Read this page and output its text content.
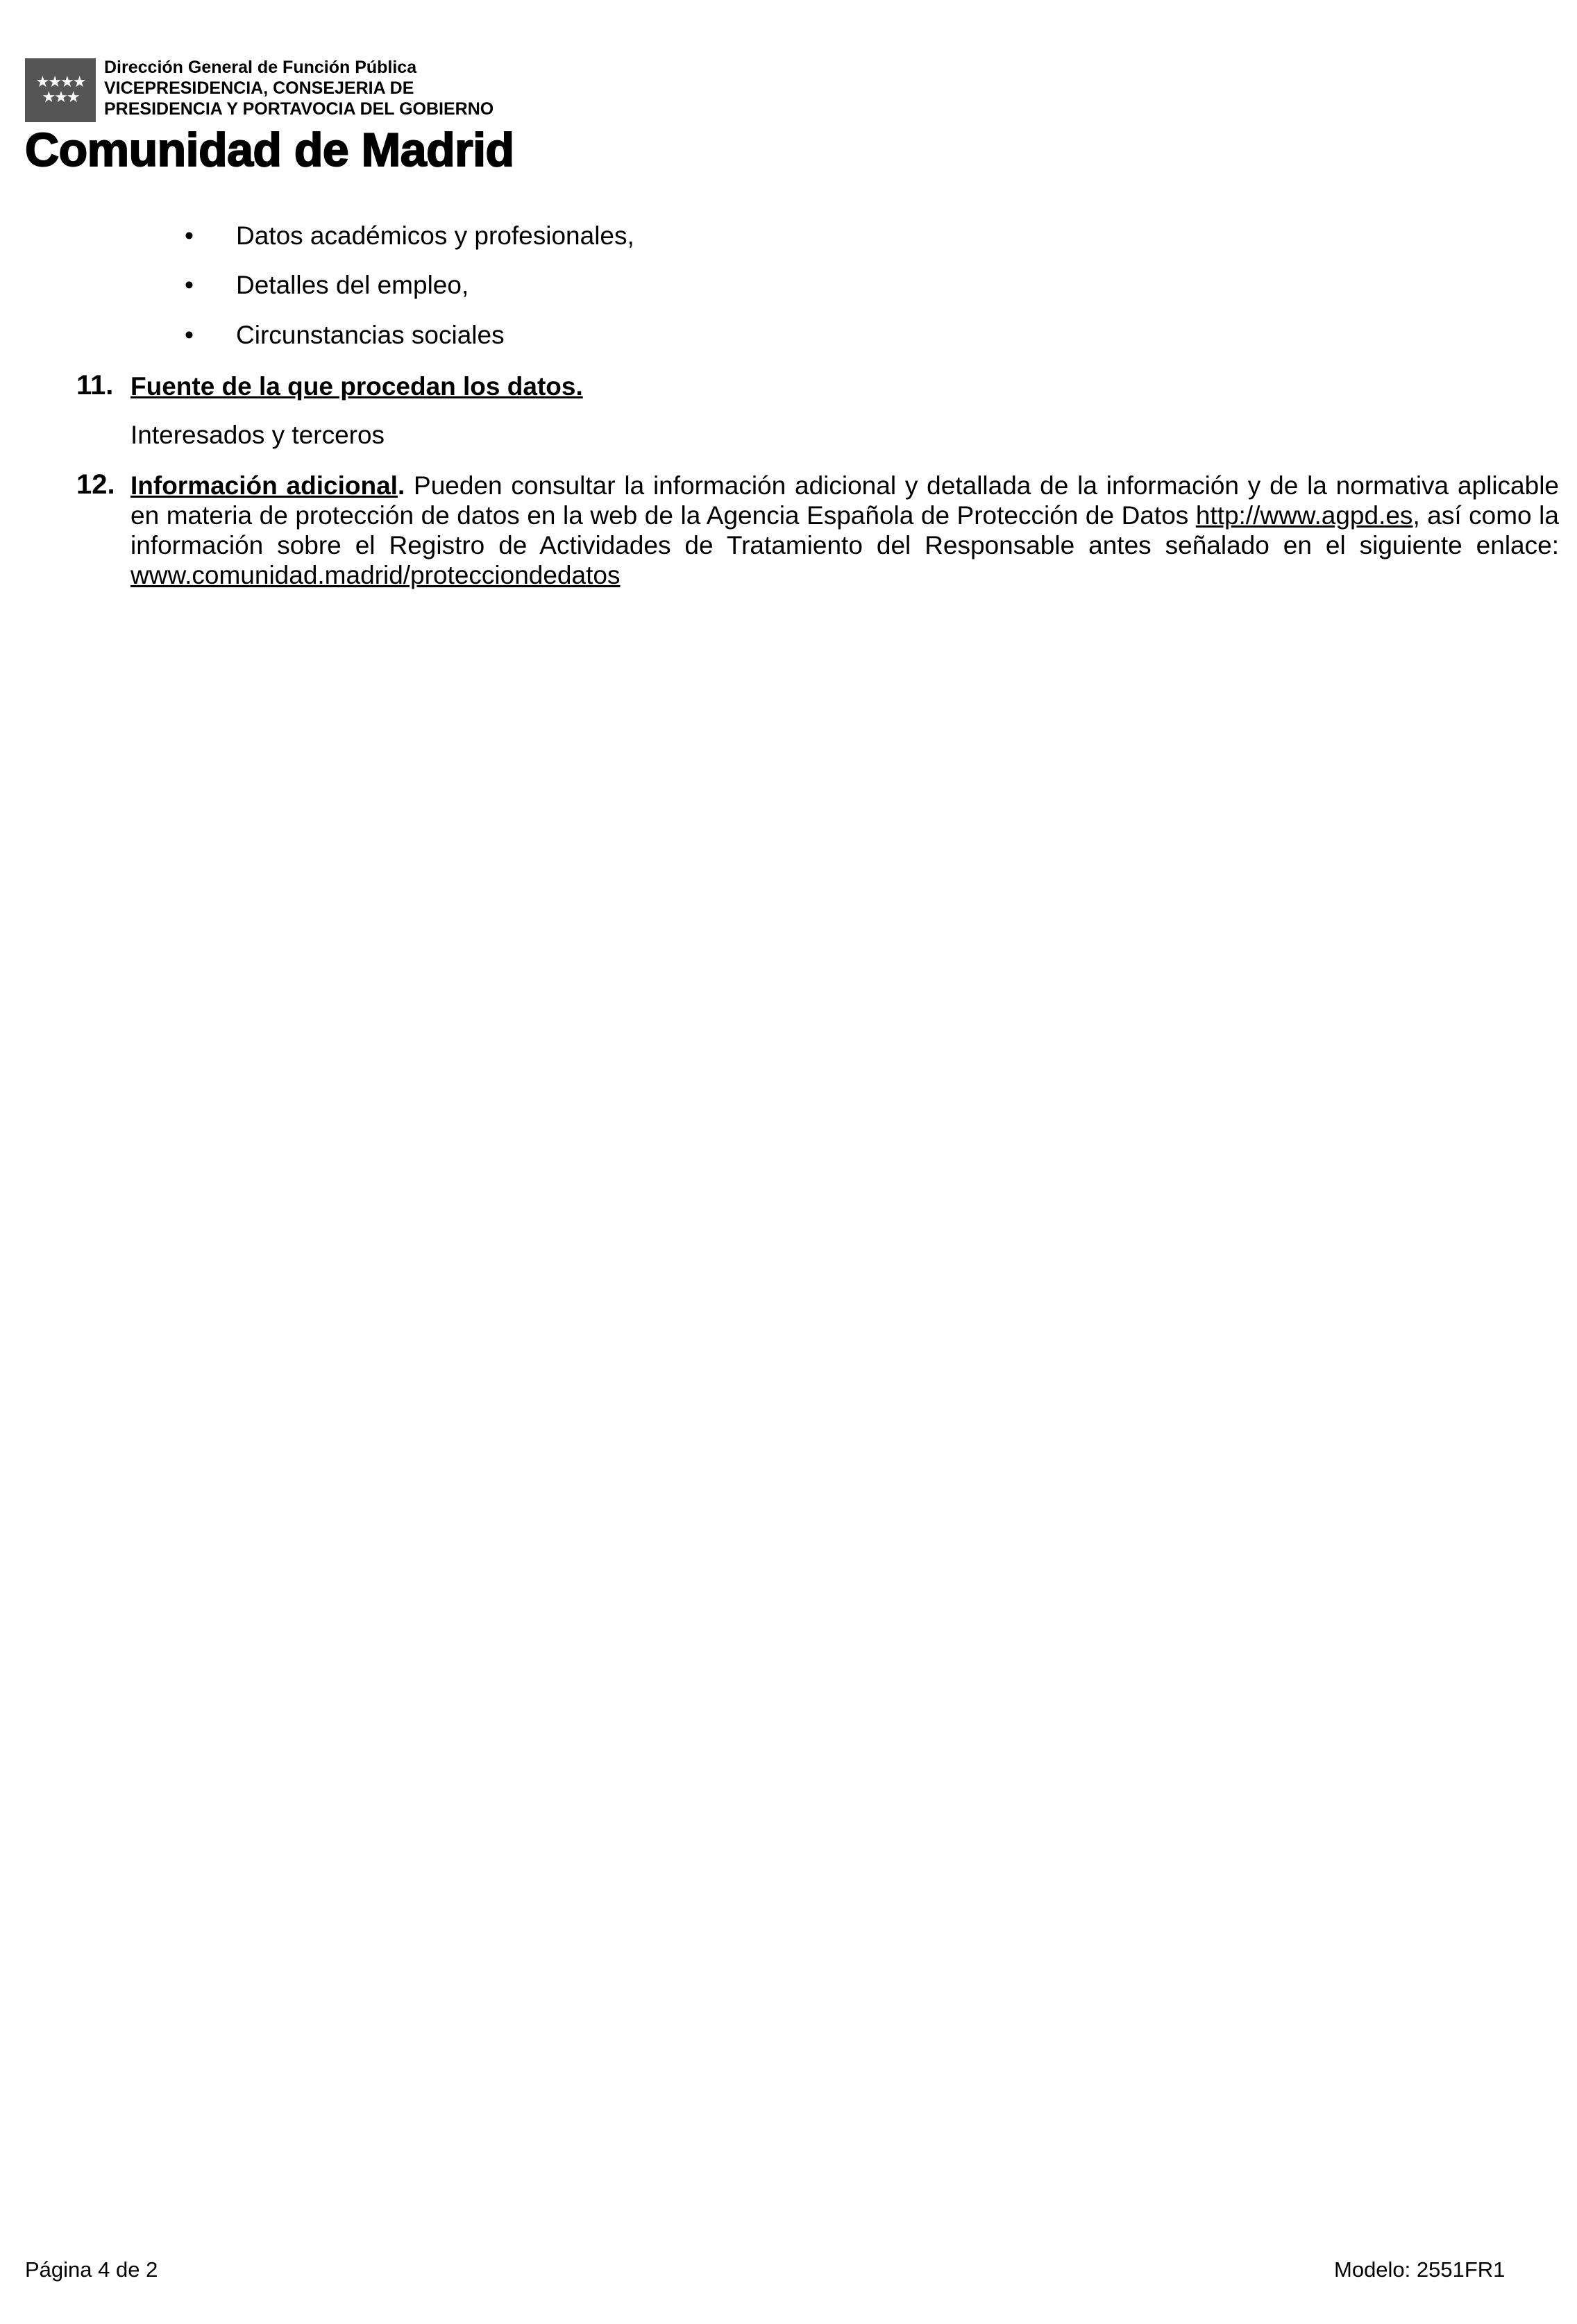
★★★★
★★★
Dirección General de Función Pública
VICEPRESIDENCIA, CONSEJERIA DE
PRESIDENCIA Y PORTAVOCIA DEL GOBIERNO
Comunidad de Madrid
• Datos académicos y profesionales,
• Detalles del empleo,
• Circunstancias sociales
11. Fuente de la que procedan los datos.
Interesados y terceros
12. Información adicional. Pueden consultar la información adicional y detallada de la información y de la normativa aplicable en materia de protección de datos en la web de la Agencia Española de Protección de Datos http://www.agpd.es, así como la información sobre el Registro de Actividades de Tratamiento del Responsable antes señalado en el siguiente enlace: www.comunidad.madrid/protecciondedatos
Página 4 de 2	Modelo: 2551FR1
